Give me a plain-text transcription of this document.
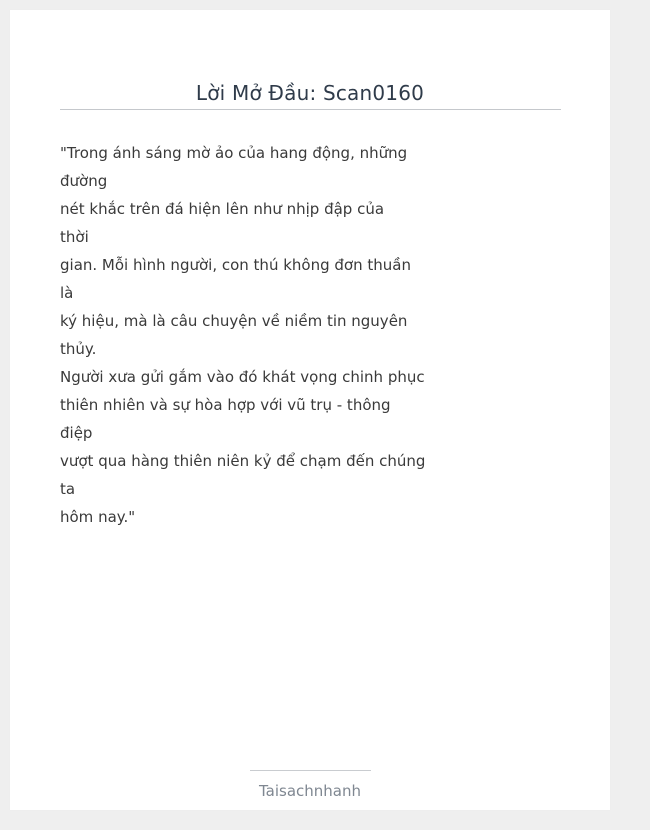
Lời Mở Đầu: Scan0160
"Trong ánh sáng mờ ảo của hang động, những
đường
nét khắc trên đá hiện lên như nhịp đập của
thời
gian. Mỗi hình người, con thú không đơn thuần
là
ký hiệu, mà là câu chuyện về niềm tin nguyên
thủy.
Người xưa gửi gắm vào đó khát vọng chinh phục
thiên nhiên và sự hòa hợp với vũ trụ - thông
điệp
vượt qua hàng thiên niên kỷ để chạm đến chúng
ta
hôm nay."
Taisachnhanh
